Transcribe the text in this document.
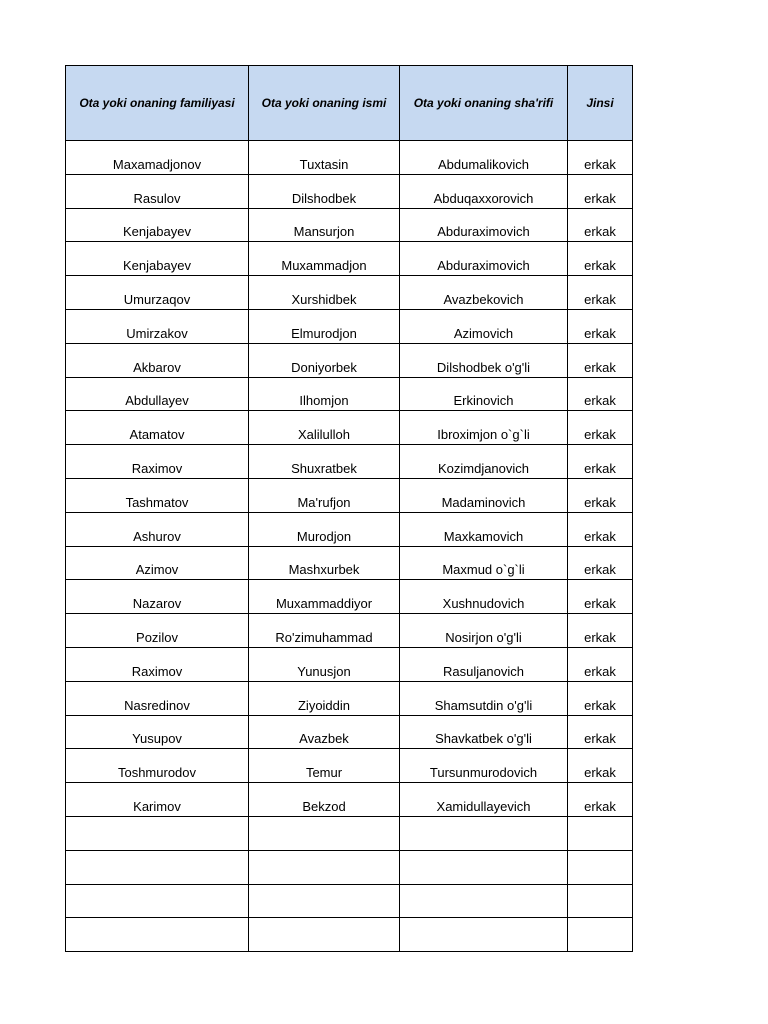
Ota yoki onaning familiyasi	Ota yoki onaning ismi	Ota yoki onaning sha'rifi	Jinsi
Maxamadjonov	Tuxtasin	Abdumalikovich	erkak
Rasulov	Dilshodbek	Abduqaxxorovich	erkak
Kenjabayev	Mansurjon	Abduraximovich	erkak
Kenjabayev	Muxammadjon	Abduraximovich	erkak
Umurzaqov	Xurshidbek	Avazbekovich	erkak
Umirzakov	Elmurodjon	Azimovich	erkak
Akbarov	Doniyorbek	Dilshodbek o'g'li	erkak
Abdullayev	Ilhomjon	Erkinovich	erkak
Atamatov	Xalilulloh	Ibroximjon o`g`li	erkak
Raximov	Shuxratbek	Kozimdjanovich	erkak
Tashmatov	Ma'rufjon	Madaminovich	erkak
Ashurov	Murodjon	Maxkamovich	erkak
Azimov	Mashxurbek	Maxmud o`g`li	erkak
Nazarov	Muxammaddiyor	Xushnudovich	erkak
Pozilov	Ro'zimuhammad	Nosirjon o'g'li	erkak
Raximov	Yunusjon	Rasuljanovich	erkak
Nasredinov	Ziyoiddin	Shamsutdin o'g'li	erkak
Yusupov	Avazbek	Shavkatbek o'g'li	erkak
Toshmurodov	Temur	Tursunmurodovich	erkak
Karimov	Bekzod	Xamidullayevich	erkak
